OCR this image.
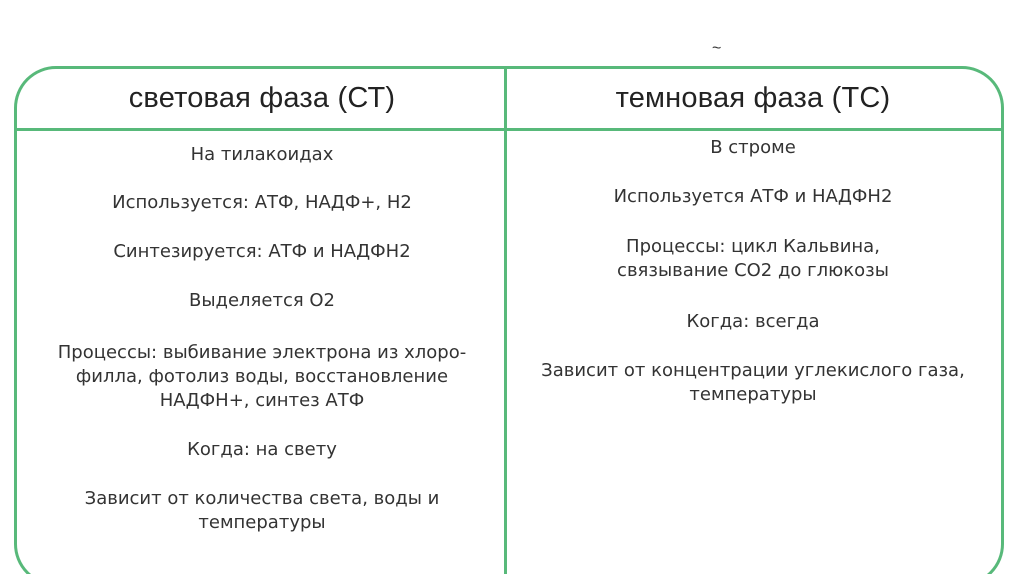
~
световая фаза (СТ)	темновая фаза (ТС)
На тилакоидах
Используется: АТФ, НАДФ+, Н2
Синтезируется: АТФ и НАДФН2
Выделяется О2
Процессы: выбивание электрона из хлоро-
филла, фотолиз воды, восстановление
НАДФН+, синтез АТФ
Когда: на свету
Зависит от количества света, воды и
температуры
В строме
Используется АТФ и НАДФН2
Процессы: цикл Кальвина,
связывание СО2 до глюкозы
Когда: всегда
Зависит от концентрации углекислого газа,
температуры
